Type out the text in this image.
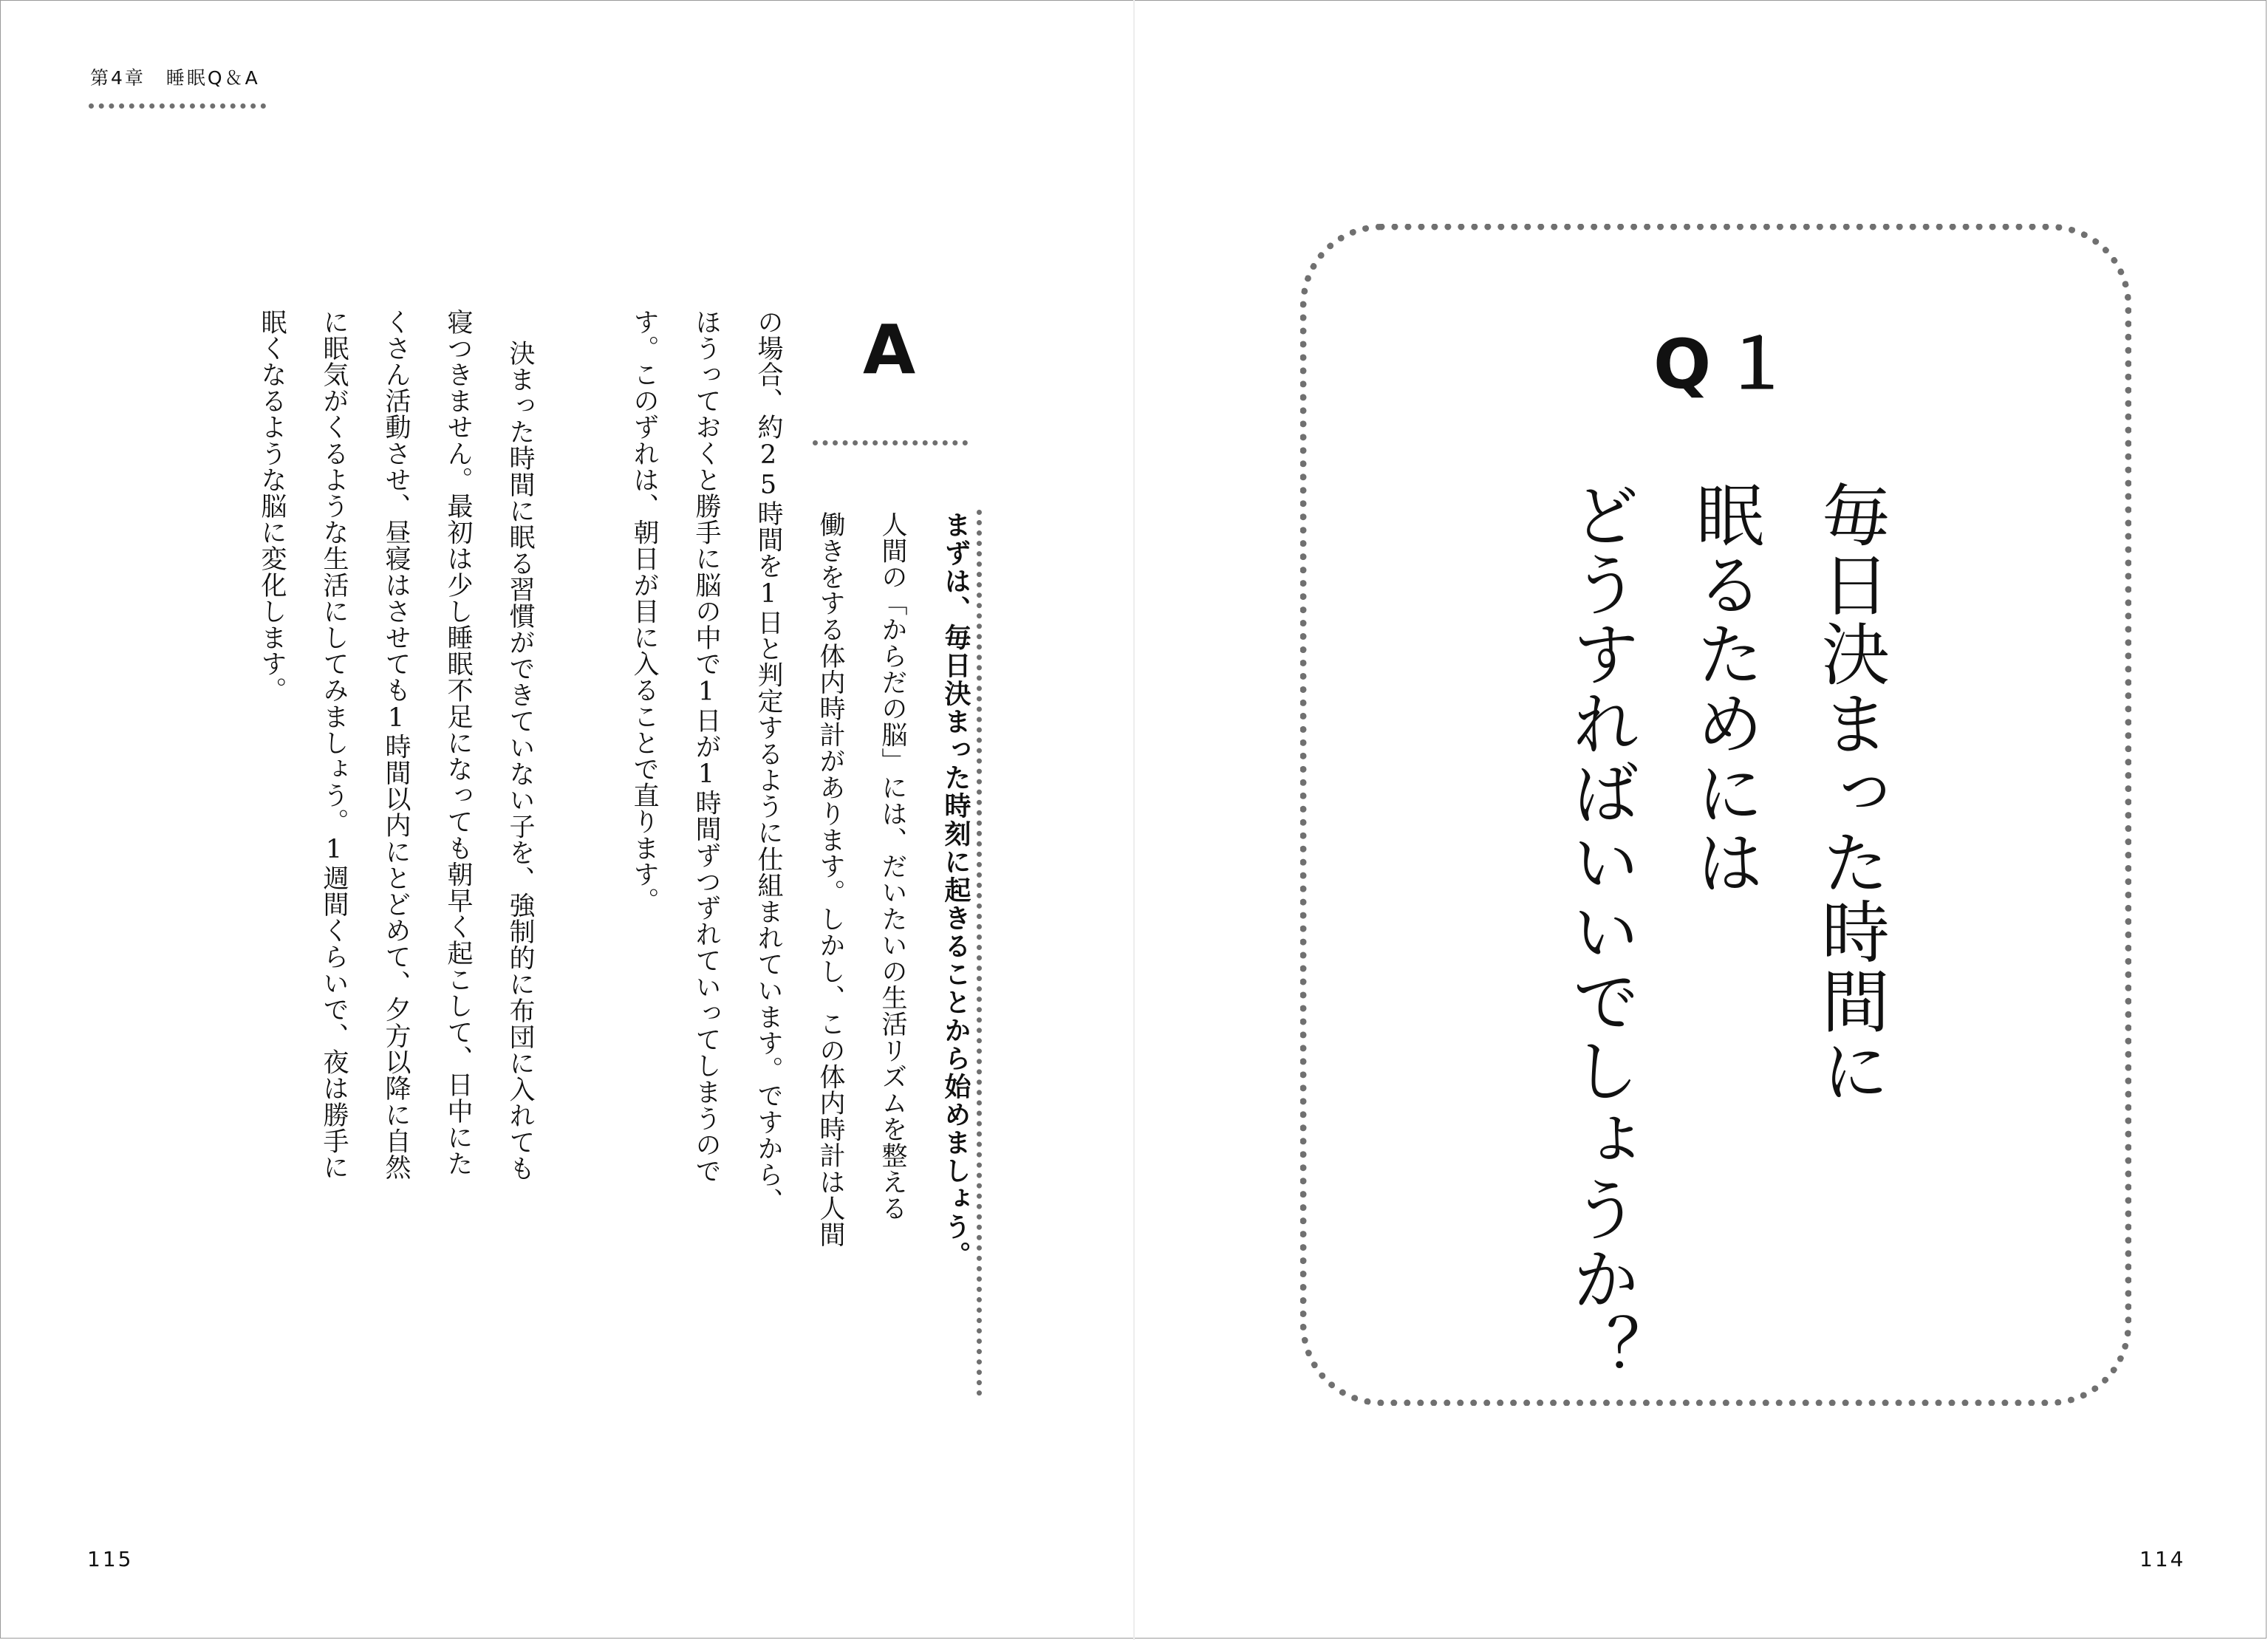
第4章　睡眠Q＆A
Q１
毎日決まった時間に
眠るためには
どうすればいいでしょうか？
A
まずは、毎日決まった時刻に起きることから始めましょう。
人間の「からだの脳」には、だいたいの生活リズムを整える
働きをする体内時計があります。しかし、この体内時計は人間
の場合、約25時間を1日と判定するように仕組まれています。ですから、
ほうっておくと勝手に脳の中で1日が1時間ずつずれていってしまうので
す。このずれは、朝日が目に入ることで直ります。
決まった時間に眠る習慣ができていない子を、強制的に布団に入れても
寝つきません。最初は少し睡眠不足になっても朝早く起こして、日中にた
くさん活動させ、昼寝はさせても1時間以内にとどめて、夕方以降に自然
に眠気がくるような生活にしてみましょう。1週間くらいで、夜は勝手に
眠くなるような脳に変化します。
115	114
